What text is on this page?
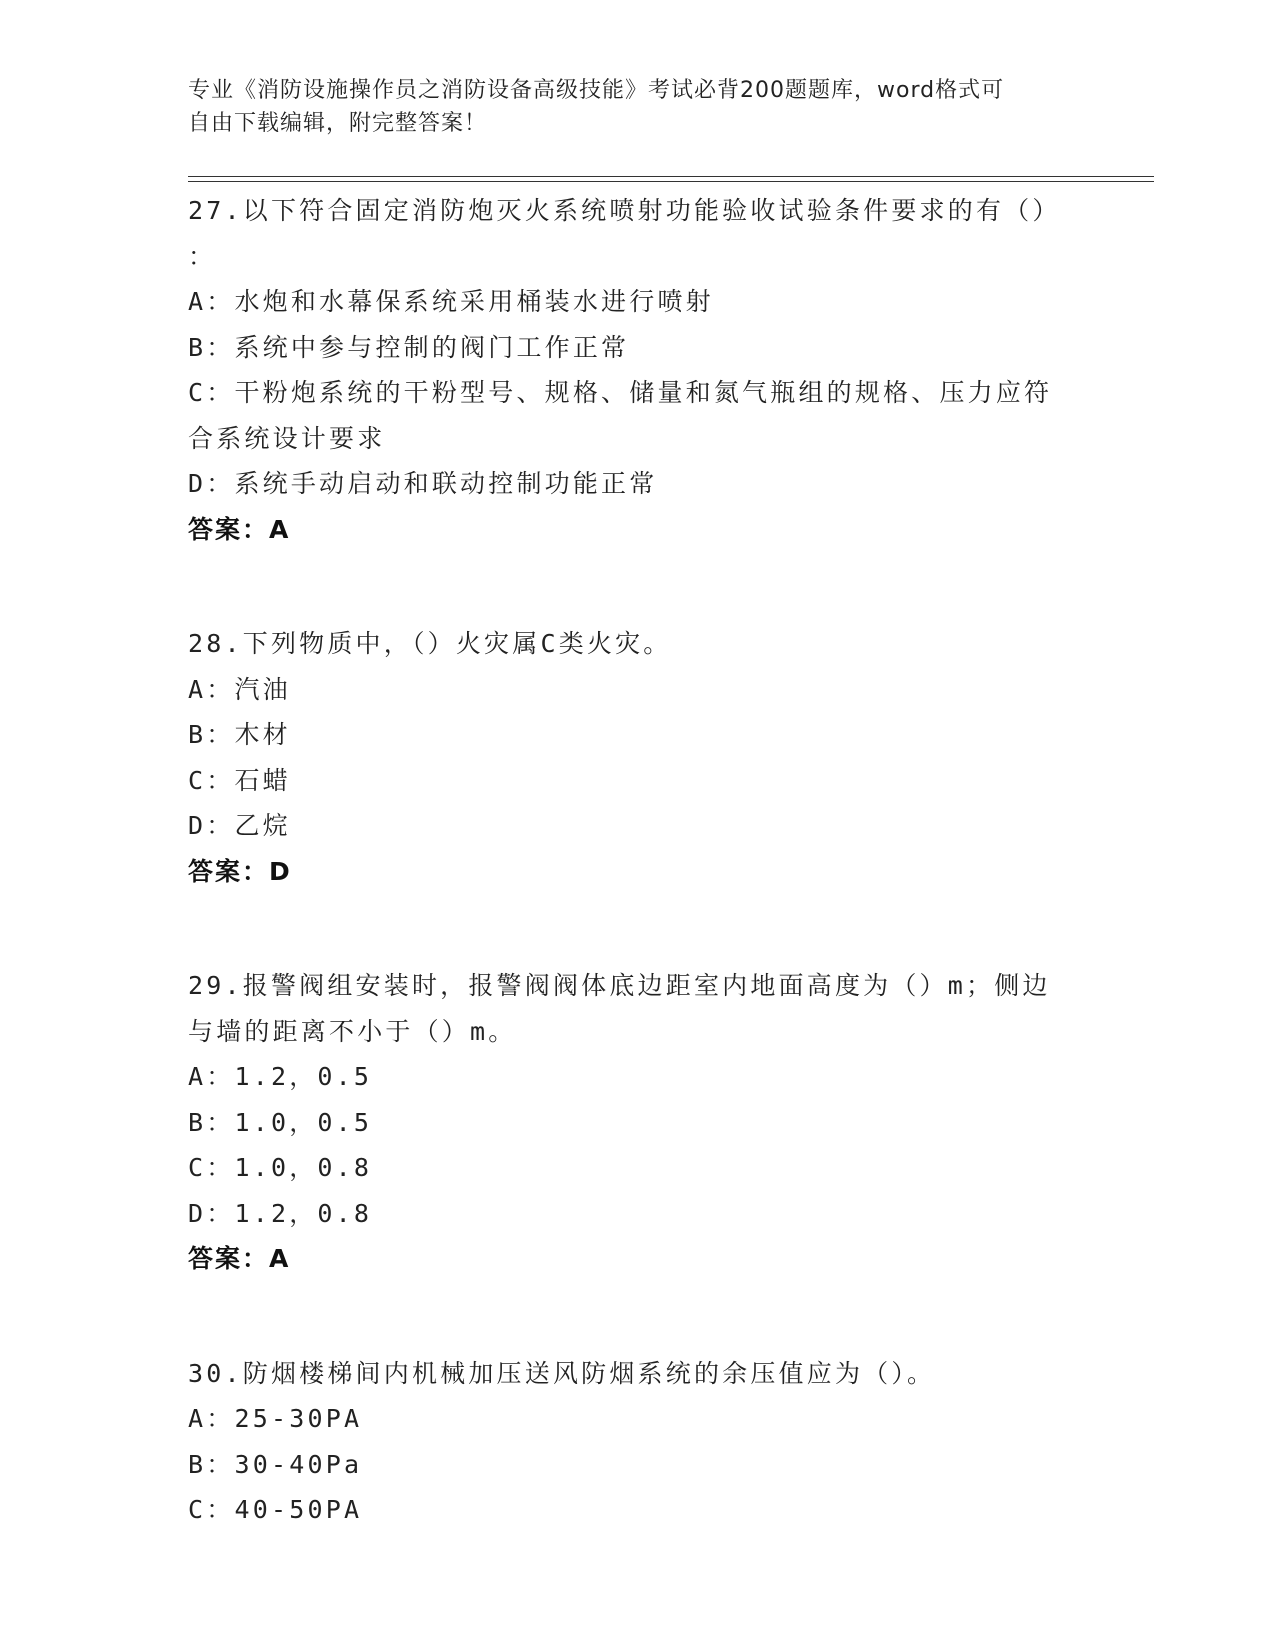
专业《消防设施操作员之消防设备高级技能》考试必背200题题库，word格式可
自由下载编辑，附完整答案！
27.以下符合固定消防炮灭火系统喷射功能验收试验条件要求的有（）
：
A：水炮和水幕保系统采用桶装水进行喷射
B：系统中参与控制的阀门工作正常
C：干粉炮系统的干粉型号、规格、储量和氮气瓶组的规格、压力应符
合系统设计要求
D：系统手动启动和联动控制功能正常
答案：A
28.下列物质中，（）火灾属C类火灾。
A：汽油
B：木材
C：石蜡
D：乙烷
答案：D
29.报警阀组安装时，报警阀阀体底边距室内地面高度为（）m；侧边
与墙的距离不小于（）m。
A：1.2，0.5
B：1.0，0.5
C：1.0，0.8
D：1.2，0.8
答案：A
30.防烟楼梯间内机械加压送风防烟系统的余压值应为（）。
A：25-30PA
B：30-40Pa
C：40-50PA
